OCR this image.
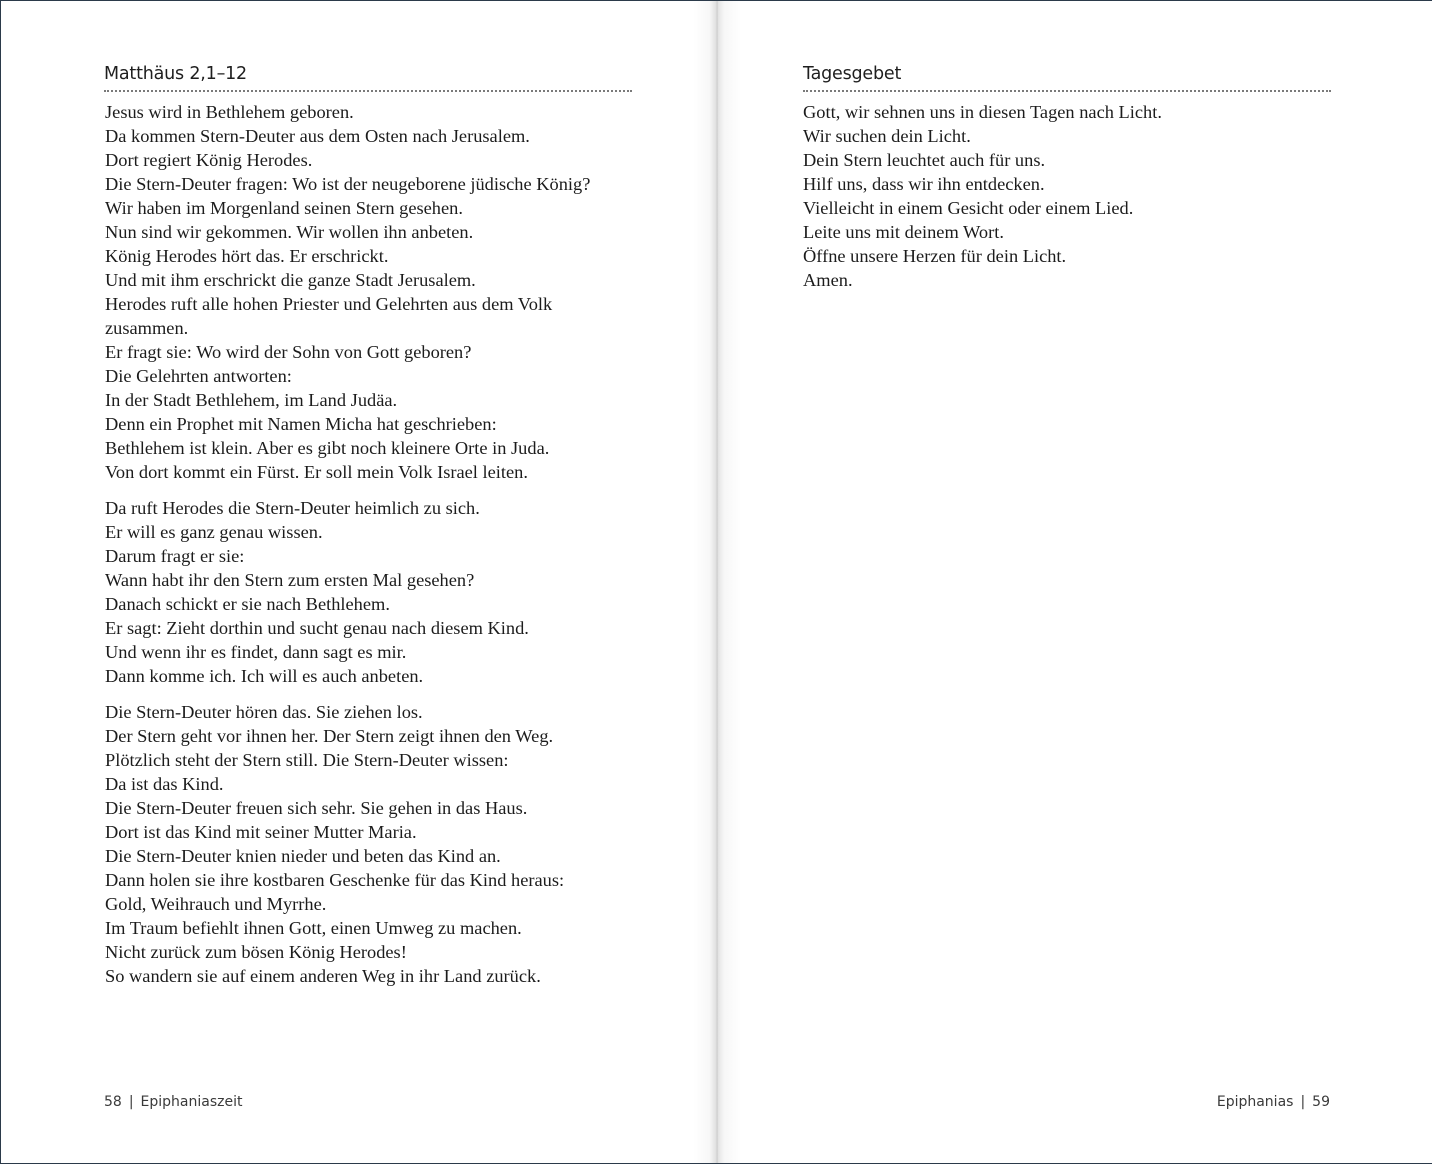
Matthäus 2,1–12
Jesus wird in Bethlehem geboren.
Da kommen Stern-Deuter aus dem Osten nach Jerusalem.
Dort regiert König Herodes.
Die Stern-Deuter fragen: Wo ist der neugeborene jüdische König?
Wir haben im Morgenland seinen Stern gesehen.
Nun sind wir gekommen. Wir wollen ihn anbeten.
König Herodes hört das. Er erschrickt.
Und mit ihm erschrickt die ganze Stadt Jerusalem.
Herodes ruft alle hohen Priester und Gelehrten aus dem Volk zusammen.
Er fragt sie: Wo wird der Sohn von Gott geboren?
Die Gelehrten antworten:
In der Stadt Bethlehem, im Land Judäa.
Denn ein Prophet mit Namen Micha hat geschrieben:
Bethlehem ist klein. Aber es gibt noch kleinere Orte in Juda.
Von dort kommt ein Fürst. Er soll mein Volk Israel leiten.
Da ruft Herodes die Stern-Deuter heimlich zu sich.
Er will es ganz genau wissen.
Darum fragt er sie:
Wann habt ihr den Stern zum ersten Mal gesehen?
Danach schickt er sie nach Bethlehem.
Er sagt: Zieht dorthin und sucht genau nach diesem Kind.
Und wenn ihr es findet, dann sagt es mir.
Dann komme ich. Ich will es auch anbeten.
Die Stern-Deuter hören das. Sie ziehen los.
Der Stern geht vor ihnen her. Der Stern zeigt ihnen den Weg.
Plötzlich steht der Stern still. Die Stern-Deuter wissen:
Da ist das Kind.
Die Stern-Deuter freuen sich sehr. Sie gehen in das Haus.
Dort ist das Kind mit seiner Mutter Maria.
Die Stern-Deuter knien nieder und beten das Kind an.
Dann holen sie ihre kostbaren Geschenke für das Kind heraus:
Gold, Weihrauch und Myrrhe.
Im Traum befiehlt ihnen Gott, einen Umweg zu machen.
Nicht zurück zum bösen König Herodes!
So wandern sie auf einem anderen Weg in ihr Land zurück.
58 | Epiphaniaszeit
Tagesgebet
Gott, wir sehnen uns in diesen Tagen nach Licht.
Wir suchen dein Licht.
Dein Stern leuchtet auch für uns.
Hilf uns, dass wir ihn entdecken.
Vielleicht in einem Gesicht oder einem Lied.
Leite uns mit deinem Wort.
Öffne unsere Herzen für dein Licht.
Amen.
Epiphanias | 59
